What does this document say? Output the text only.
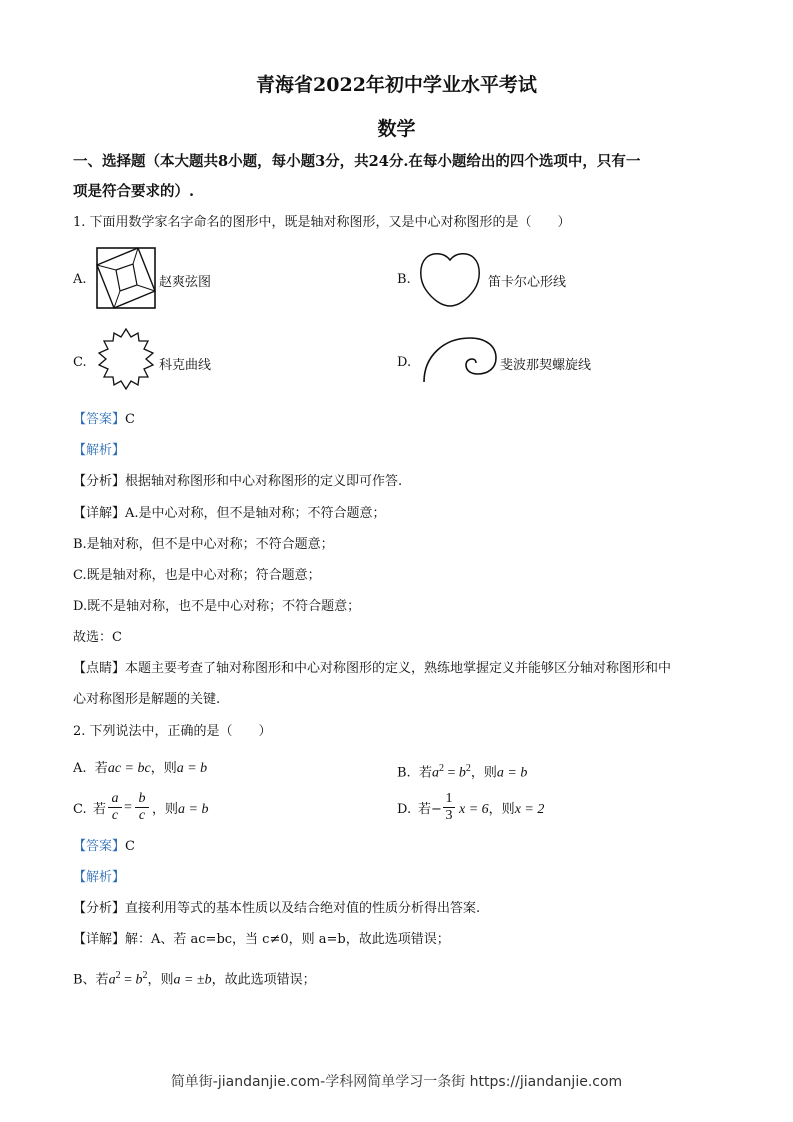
青海省2022年初中学业水平考试
数学
一、选择题（本大题共8小题，每小题3分，共24分.在每小题给出的四个选项中，只有一
项是符合要求的）.
1. 下面用数学家名字命名的图形中，既是轴对称图形，又是中心对称图形的是（　　）
A.	赵爽弦图	B.	笛卡尔心形线
C.	科克曲线	D.	斐波那契螺旋线
【答案】C
【解析】
【分析】根据轴对称图形和中心对称图形的定义即可作答.
【详解】A.是中心对称，但不是轴对称；不符合题意；
B.是轴对称，但不是中心对称；不符合题意；
C.既是轴对称，也是中心对称；符合题意；
D.既不是轴对称，也不是中心对称；不符合题意；
故选：C
【点睛】本题主要考查了轴对称图形和中心对称图形的定义，熟练地掌握定义并能够区分轴对称图形和中
心对称图形是解题的关键.
2. 下列说法中，正确的是（　　）
A. 若ac = bc，则a = b	B. 若$a^2 = b^2$，则a = b
C. 若 $\frac{a}{c} = \frac{b}{c}$ ，则a = b	D. 若− $\frac{1}{3}$ x = 6，则x = 2
【答案】C
【解析】
【分析】直接利用等式的基本性质以及结合绝对值的性质分析得出答案.
【详解】解：A、若 ac=bc，当 c≠0，则 a=b，故此选项错误；
B、若$a^2 = b^2$，则a = ±b，故此选项错误；
简单街-jiandanjie.com-学科网简单学习一条街 https://jiandanjie.com
